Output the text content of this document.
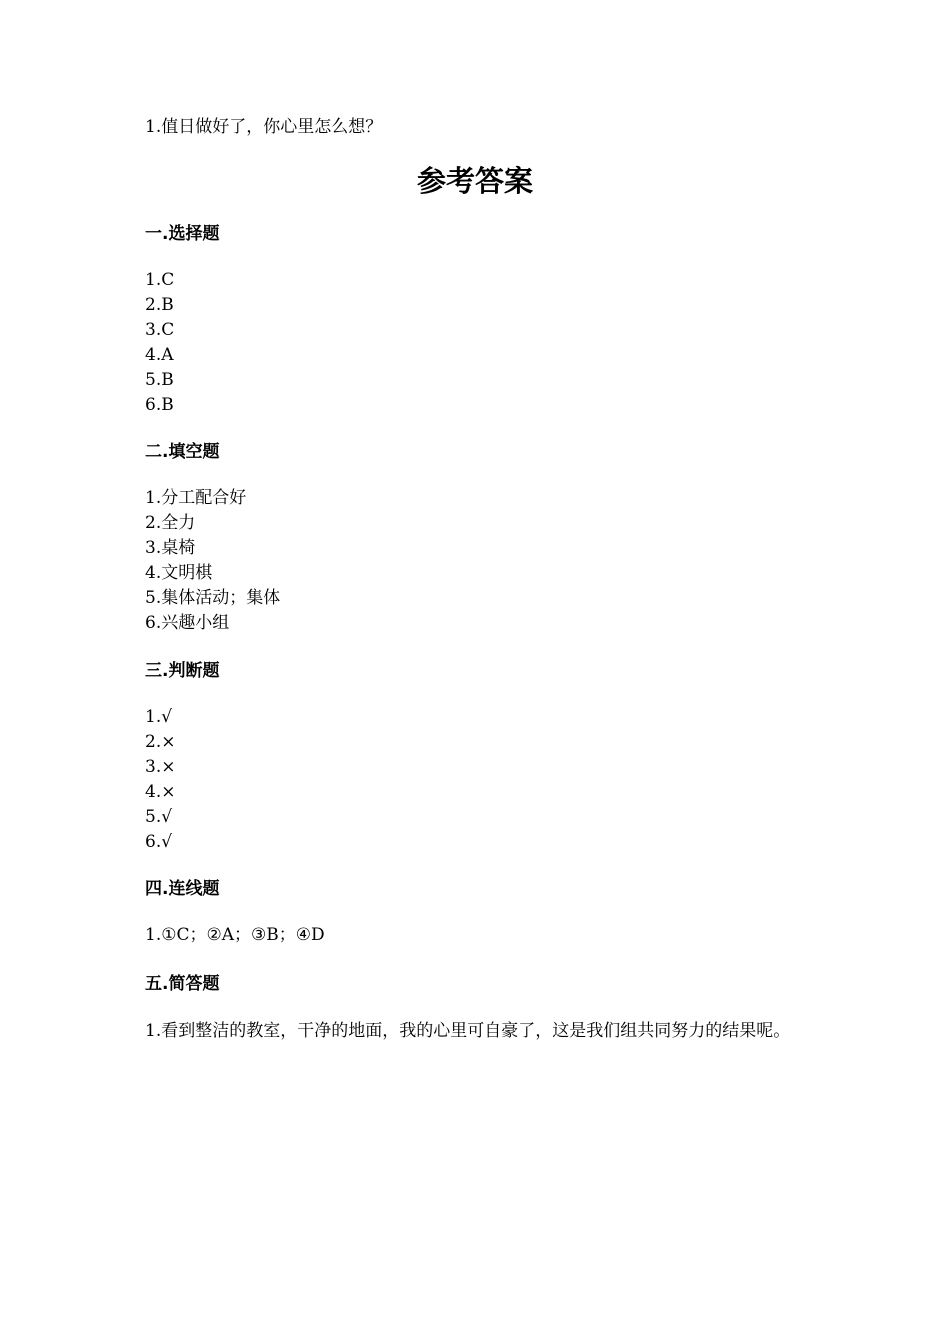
1.值日做好了，你心里怎么想？
参考答案
一.选择题
1.C
2.B
3.C
4.A
5.B
6.B
二.填空题
1.分工配合好
2.全力
3.桌椅
4.文明棋
5.集体活动；集体
6.兴趣小组
三.判断题
1.√
2.×
3.×
4.×
5.√
6.√
四.连线题
1.①C；②A；③B；④D
五.简答题
1.看到整洁的教室，干净的地面，我的心里可自豪了，这是我们组共同努力的结果呢。
